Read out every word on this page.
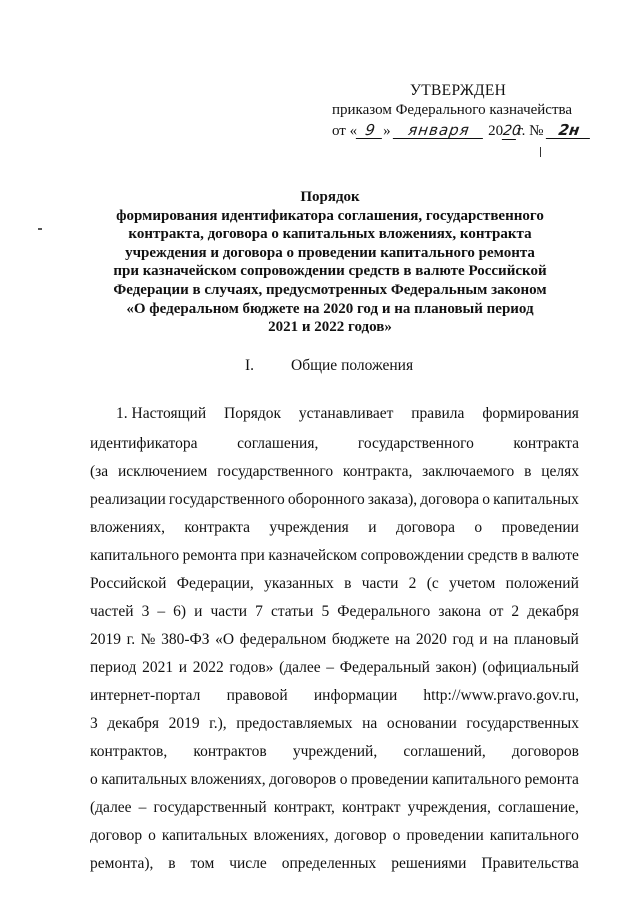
УТВЕРЖДЕН
приказом Федерального казначейства
от « 9 » января 2020г. № 2н
Порядок
формирования идентификатора соглашения, государственного
контракта, договора о капитальных вложениях, контракта
учреждения и договора о проведении капитального ремонта
при казначейском сопровождении средств в валюте Российской
Федерации в случаях, предусмотренных Федеральным законом
«О федеральном бюджете на 2020 год и на плановый период
2021 и 2022 годов»
I. Общие положения
1. Настоящий Порядок устанавливает правила формирования
идентификатора	соглашения,	государственного	контракта
(за исключением государственного контракта, заключаемого в целях
реализации государственного оборонного заказа), договора о капитальных
вложениях, контракта учреждения и договора о проведении
капитального ремонта при казначейском сопровождении средств в валюте
Российской Федерации, указанных в части 2 (с учетом положений
частей 3 – 6) и части 7 статьи 5 Федерального закона от 2 декабря
2019 г. № 380-ФЗ «О федеральном бюджете на 2020 год и на плановый
период 2021 и 2022 годов» (далее – Федеральный закон) (официальный
интернет-портал правовой информации http://www.pravo.gov.ru,
3 декабря 2019 г.), предоставляемых на основании государственных
контрактов, контрактов учреждений, соглашений, договоров
о капитальных вложениях, договоров о проведении капитального ремонта
(далее – государственный контракт, контракт учреждения, соглашение,
договор о капитальных вложениях, договор о проведении капитального
ремонта), в том числе определенных решениями Правительства
